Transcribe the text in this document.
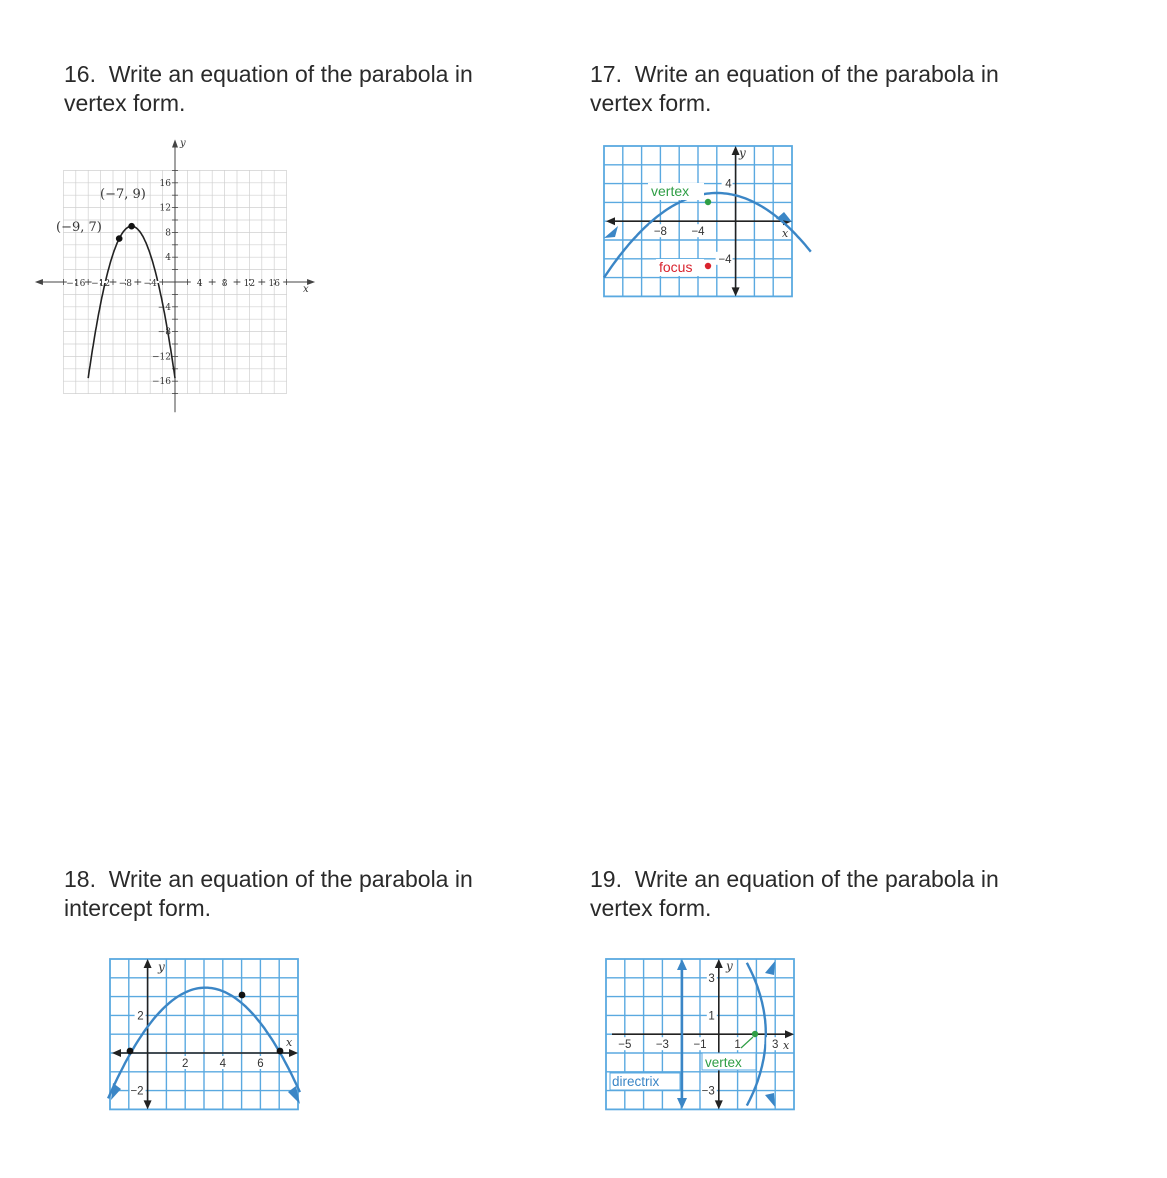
16. Write an equation of the parabola in
vertex form.
17. Write an equation of the parabola in
vertex form.
18. Write an equation of the parabola in
intercept form.
19. Write an equation of the parabola in
vertex form.
−16 −12 −8 −4	4 8 12 16
16
12
8
4
−4
−8
−12
−16
(−7, 9)
(−9, 7)
x
y
−8 −4
4
−4
vertex
focus
x
y
2	4	6
2
−2
x
y
−5 −3 −1 1	3
3
1
−3
vertex
directrix
x
y
